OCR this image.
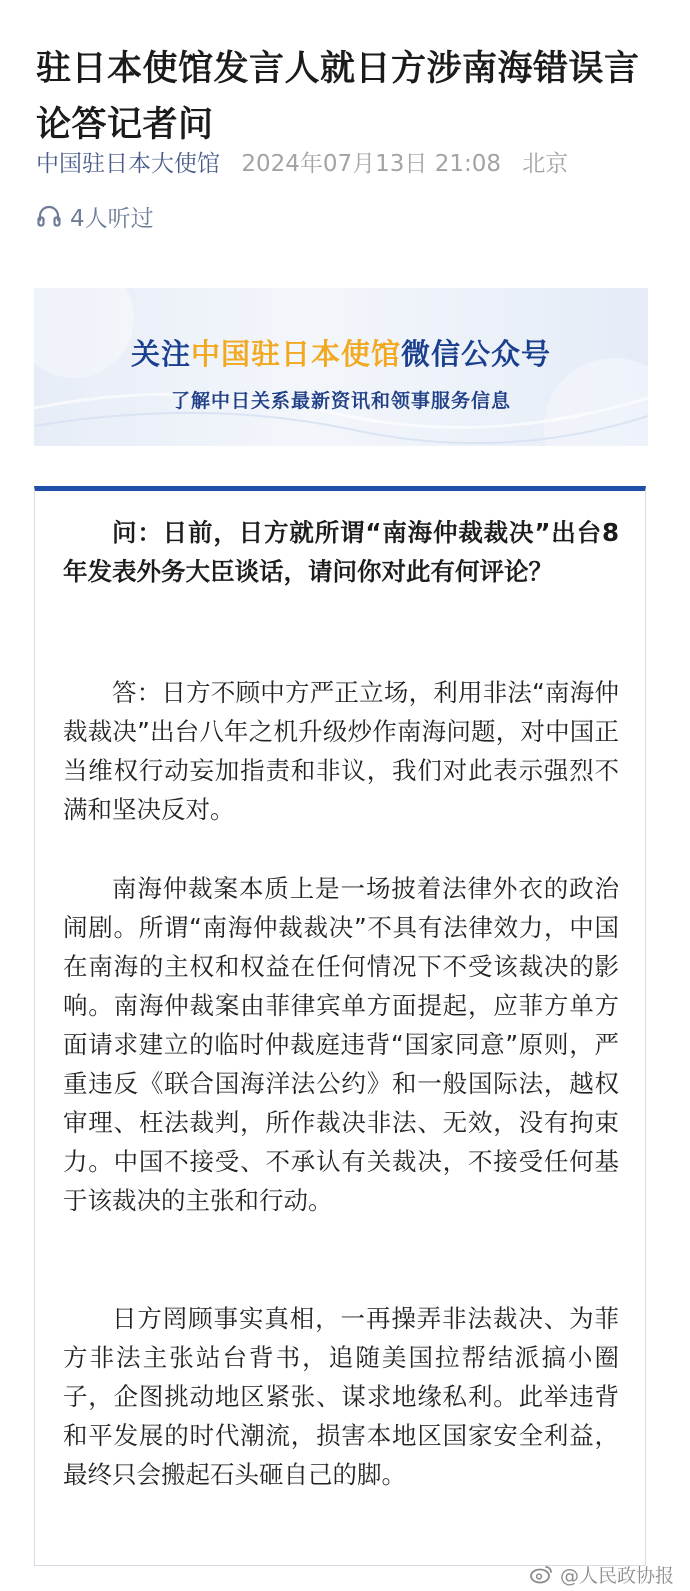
驻日本使馆发言人就日方涉南海错误言论答记者问
中国驻日本大使馆 2024年07月13日 21:08 北京
4人听过
关注中国驻日本使馆微信公众号
了解中日关系最新资讯和领事服务信息

问：日前，日方就所谓“南海仲裁裁决”出台8年发表外务大臣谈话，请问你对此有何评论？

答：日方不顾中方严正立场，利用非法“南海仲裁裁决”出台八年之机升级炒作南海问题，对中国正当维权行动妄加指责和非议，我们对此表示强烈不满和坚决反对。

南海仲裁案本质上是一场披着法律外衣的政治闹剧。所谓“南海仲裁裁决”不具有法律效力，中国在南海的主权和权益在任何情况下不受该裁决的影响。南海仲裁案由菲律宾单方面提起，应菲方单方面请求建立的临时仲裁庭违背“国家同意”原则，严重违反《联合国海洋法公约》和一般国际法，越权审理、枉法裁判，所作裁决非法、无效，没有拘束力。中国不接受、不承认有关裁决，不接受任何基于该裁决的主张和行动。

日方罔顾事实真相，一再操弄非法裁决、为菲方非法主张站台背书，追随美国拉帮结派搞小圈子，企图挑动地区紧张、谋求地缘私利。此举违背和平发展的时代潮流，损害本地区国家安全利益，最终只会搬起石头砸自己的脚。

@人民政协报
